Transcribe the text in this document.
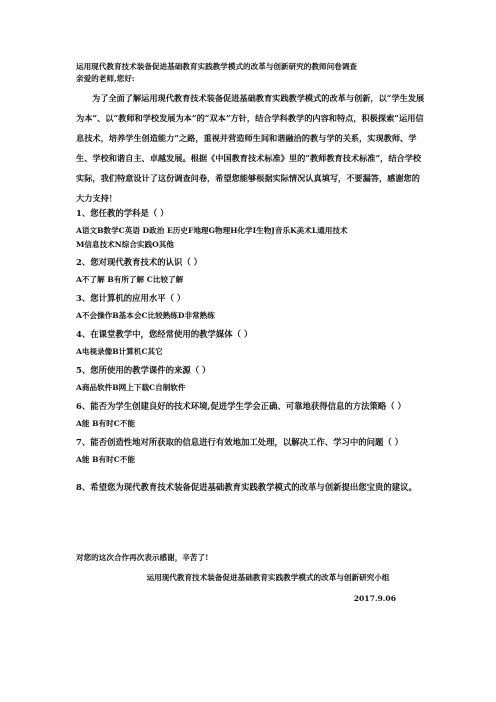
运用现代教育技术装备促进基础教育实践教学模式的改革与创新研究的教师问卷调查
亲爱的老师,您好:
为了全面了解运用现代教育技术装备促进基础教育实践教学模式的改革与创新，以“学生发展为本”、以“教师和学校发展为本”的“双本”方针，结合学科教学的内容和特点，积极探索“运用信息技术，培养学生创造能力”之路，重视并营造师生间和谐融洽的教与学的关系，实现教师、学生、学校和谐自主、卓越发展。根据《中国教育技术标准》里的“教师教育技术标准”，结合学校实际，我们特意设计了这份调查问卷，希望您能够根据实际情况认真填写，不要漏答，感谢您的大力支持！
1、您任教的学科是（ ）
A语文B数学C英语 D政治 E历史F地理G物理H化学I生物J音乐K美术L通用技术
M信息技术N综合实践O其他
2、您对现代教育技术的认识（ ）
A不了解 B有所了解 C比较了解
3、您计算机的应用水平（ ）
A不会操作B基本会C比较熟练D非常熟练
4、在课堂教学中，您经常使用的教学媒体（ ）
A电视录像B计算机C其它
5、您所使用的教学课件的来源（ ）
A商品软件B网上下载C自制软件
6、能否为学生创建良好的技术环境,促进学生学会正确、可靠地获得信息的方法策略（ ）
A能 B有时C不能
7、能否创造性地对所获取的信息进行有效地加工处理，以解决工作、学习中的问题（ ）
A能 B有时C不能
8、希望您为现代教育技术装备促进基础教育实践教学模式的改革与创新提出您宝贵的建议。
对您的这次合作再次表示感谢，辛苦了!
运用现代教育技术装备促进基础教育实践教学模式的改革与创新研究小组
2017.9.06
